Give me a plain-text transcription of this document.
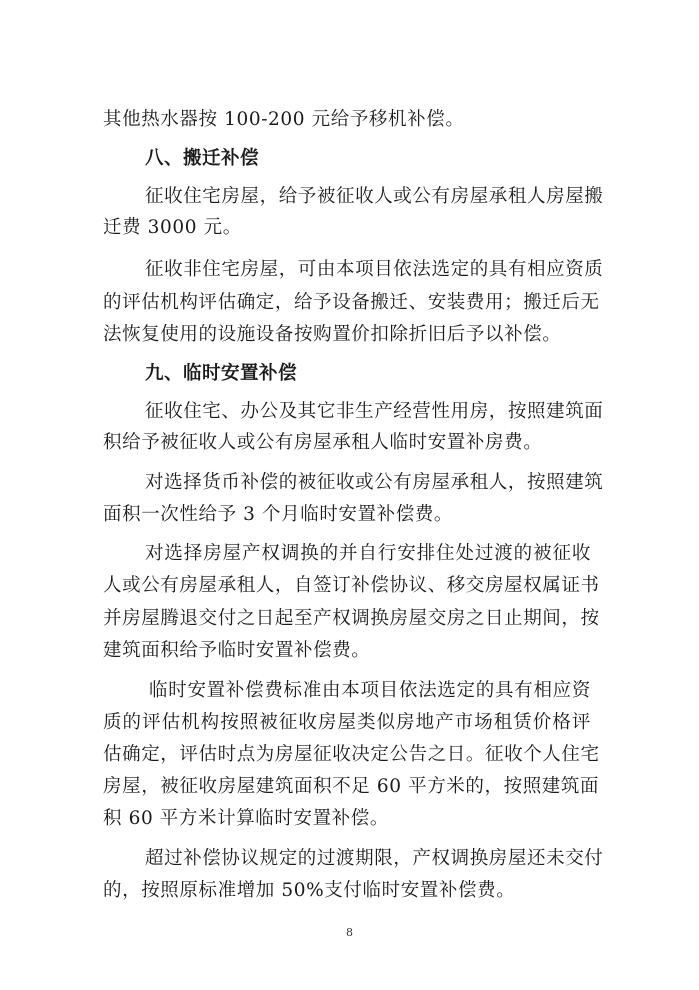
其他热水器按 100-200 元给予移机补偿。

八、搬迁补偿

征收住宅房屋，给予被征收人或公有房屋承租人房屋搬

迁费 3000 元。

征收非住宅房屋，可由本项目依法选定的具有相应资质

的评估机构评估确定，给予设备搬迁、安装费用；搬迁后无

法恢复使用的设施设备按购置价扣除折旧后予以补偿。

九、临时安置补偿

征收住宅、办公及其它非生产经营性用房，按照建筑面

积给予被征收人或公有房屋承租人临时安置补房费。

对选择货币补偿的被征收或公有房屋承租人，按照建筑

面积一次性给予 3 个月临时安置补偿费。

对选择房屋产权调换的并自行安排住处过渡的被征收

人或公有房屋承租人，自签订补偿协议、移交房屋权属证书

并房屋腾退交付之日起至产权调换房屋交房之日止期间，按

建筑面积给予临时安置补偿费。

临时安置补偿费标准由本项目依法选定的具有相应资

质的评估机构按照被征收房屋类似房地产市场租赁价格评

估确定，评估时点为房屋征收决定公告之日。征收个人住宅

房屋，被征收房屋建筑面积不足 60 平方米的，按照建筑面

积 60 平方米计算临时安置补偿。

超过补偿协议规定的过渡期限，产权调换房屋还未交付

的，按照原标准增加 50%支付临时安置补偿费。

8
